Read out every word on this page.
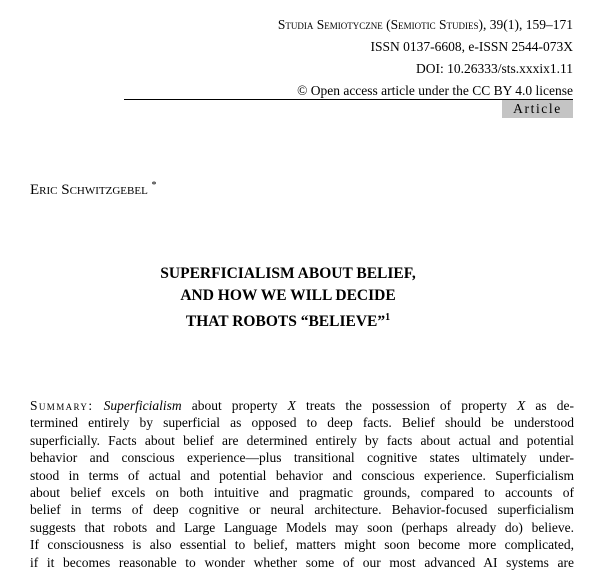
Studia Semiotyczne (Semiotic Studies), 39(1), 159–171
ISSN 0137-6608, e-ISSN 2544-073X
DOI: 10.26333/sts.xxxix1.11
© Open access article under the CC BY 4.0 license
Article
Eric Schwitzgebel *
SUPERFICIALISM ABOUT BELIEF,
AND HOW WE WILL DECIDE
THAT ROBOTS “BELIEVE”$^1$
Summary: Superficialism about property X treats the possession of property X as de-
termined entirely by superficial as opposed to deep facts. Belief should be understood
superficially. Facts about belief are determined entirely by facts about actual and potential
behavior and conscious experience—plus transitional cognitive states ultimately under-
stood in terms of actual and potential behavior and conscious experience. Superficialism
about belief excels on both intuitive and pragmatic grounds, compared to accounts of
belief in terms of deep cognitive or neural architecture. Behavior-focused superficialism
suggests that robots and Large Language Models may soon (perhaps already do) believe.
If consciousness is also essential to belief, matters might soon become more complicated,
if it becomes reasonable to wonder whether some of our most advanced AI systems are
